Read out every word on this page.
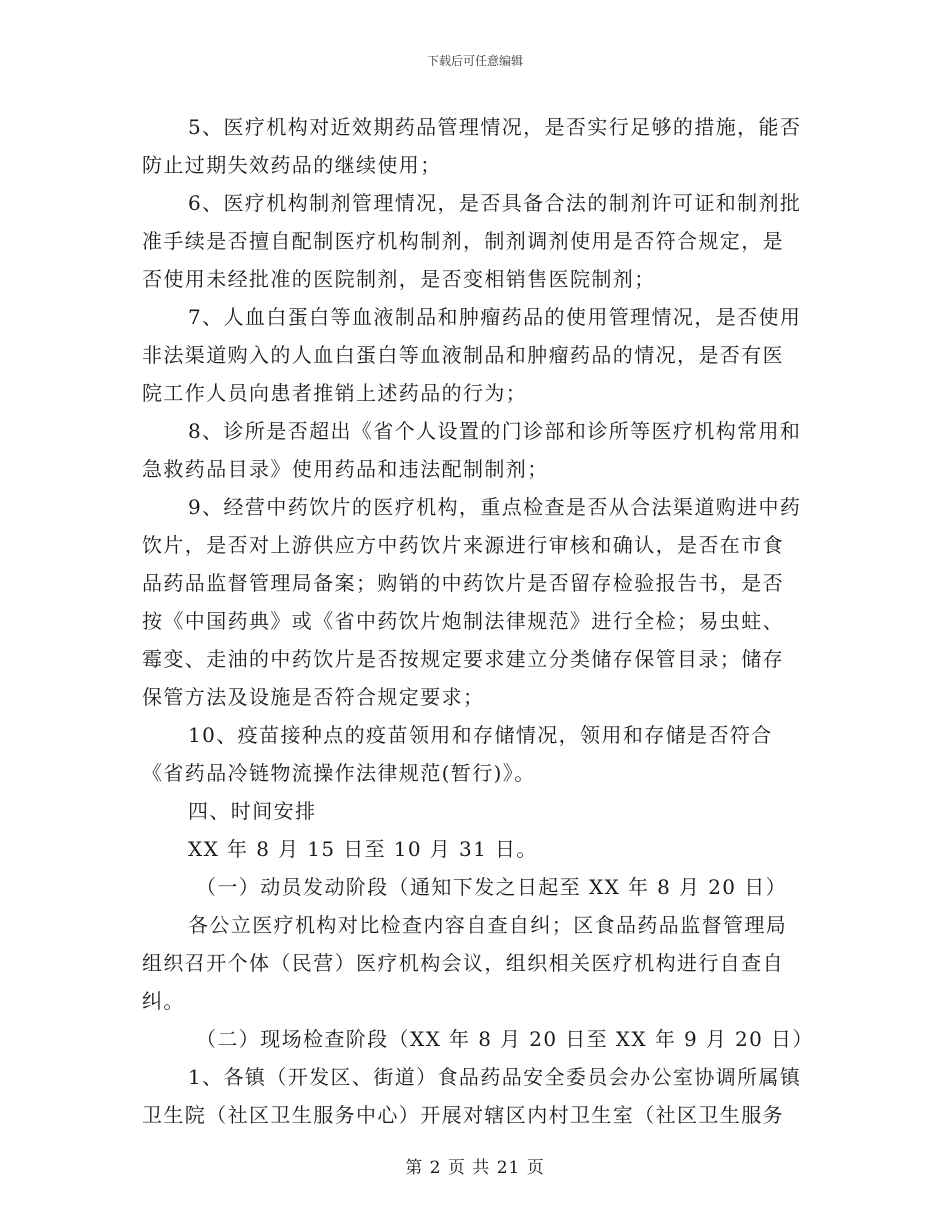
下载后可任意编辑
5、医疗机构对近效期药品管理情况，是否实行足够的措施，能否
防止过期失效药品的继续使用；
6、医疗机构制剂管理情况，是否具备合法的制剂许可证和制剂批
准手续是否擅自配制医疗机构制剂，制剂调剂使用是否符合规定，是
否使用未经批准的医院制剂，是否变相销售医院制剂；
7、人血白蛋白等血液制品和肿瘤药品的使用管理情况，是否使用
非法渠道购入的人血白蛋白等血液制品和肿瘤药品的情况，是否有医
院工作人员向患者推销上述药品的行为；
8、诊所是否超出《省个人设置的门诊部和诊所等医疗机构常用和
急救药品目录》使用药品和违法配制制剂；
9、经营中药饮片的医疗机构，重点检查是否从合法渠道购进中药
饮片，是否对上游供应方中药饮片来源进行审核和确认，是否在市食
品药品监督管理局备案；购销的中药饮片是否留存检验报告书，是否
按《中国药典》或《省中药饮片炮制法律规范》进行全检；易虫蛀、
霉变、走油的中药饮片是否按规定要求建立分类储存保管目录；储存
保管方法及设施是否符合规定要求；
10、疫苗接种点的疫苗领用和存储情况，领用和存储是否符合
《省药品冷链物流操作法律规范(暂行)》。
四、时间安排
XX 年 8 月 15 日至 10 月 31 日。
（一）动员发动阶段（通知下发之日起至 XX 年 8 月 20 日）
各公立医疗机构对比检查内容自查自纠；区食品药品监督管理局
组织召开个体（民营）医疗机构会议，组织相关医疗机构进行自查自
纠。
（二）现场检查阶段（XX 年 8 月 20 日至 XX 年 9 月 20 日）
1、各镇（开发区、街道）食品药品安全委员会办公室协调所属镇
卫生院（社区卫生服务中心）开展对辖区内村卫生室（社区卫生服务
第 2 页 共 21 页
